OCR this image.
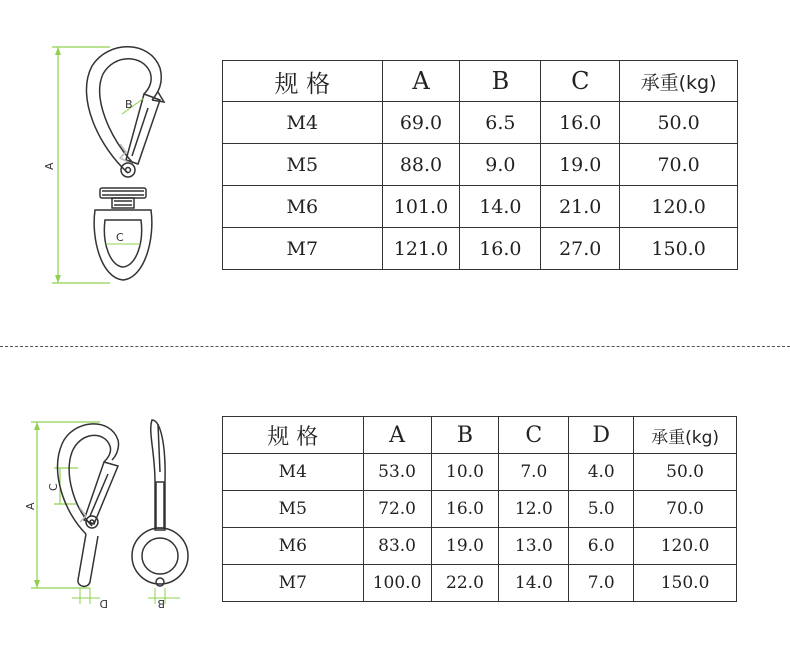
A
B
C
规 格	A	B	C	承重(kg)
M4	69.0	6.5	16.0	50.0
M5	88.0	9.0	19.0	70.0
M6	101.0	14.0	21.0	120.0
M7	121.0	16.0	27.0	150.0
A
C
D	B
规 格	A	B	C	D	承重(kg)
M4	53.0	10.0	7.0	4.0	50.0
M5	72.0	16.0	12.0	5.0	70.0
M6	83.0	19.0	13.0	6.0	120.0
M7	100.0	22.0	14.0	7.0	150.0
